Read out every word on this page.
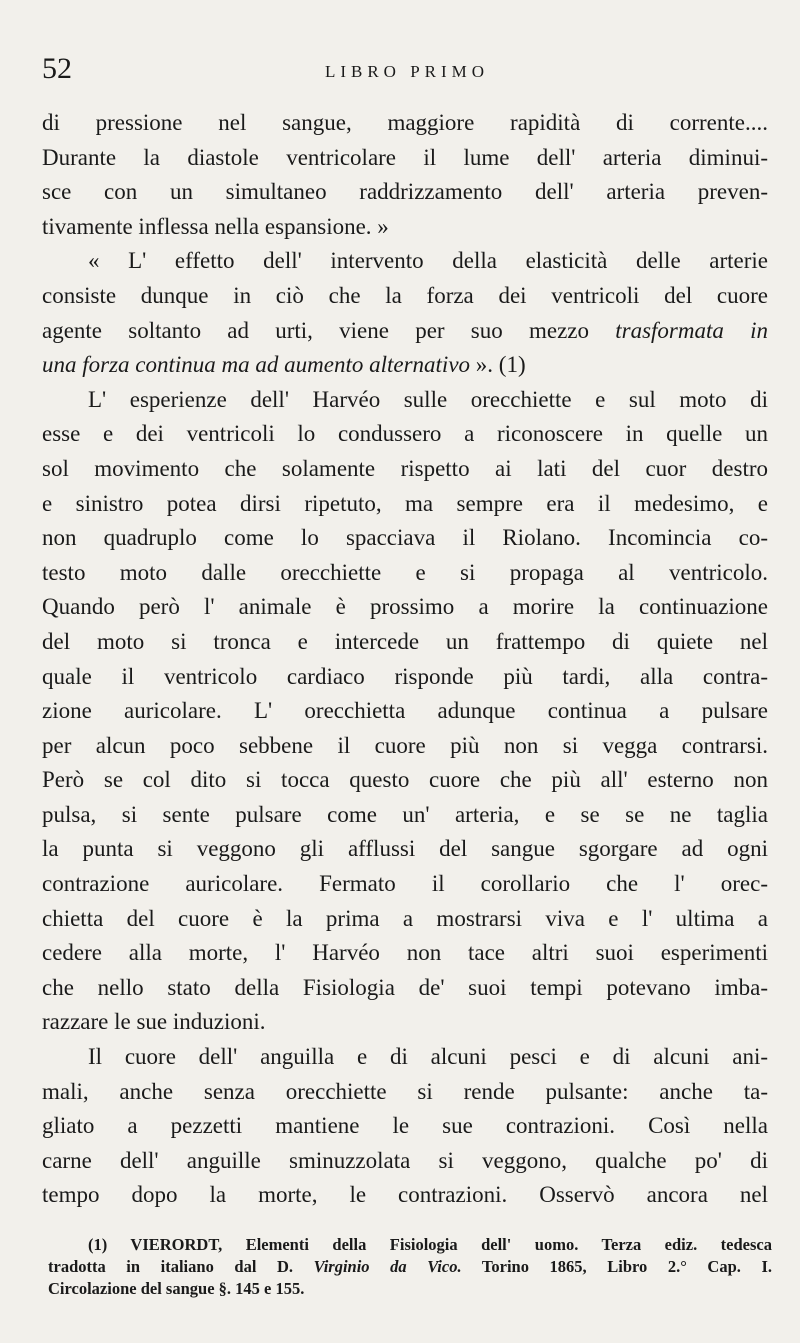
52	LIBRO PRIMO
di pressione nel sangue, maggiore rapidità di corrente....
Durante la diastole ventricolare il lume dell' arteria diminui-
sce con un simultaneo raddrizzamento dell' arteria preven-
tivamente inflessa nella espansione. »
« L' effetto dell' intervento della elasticità delle arterie
consiste dunque in ciò che la forza dei ventricoli del cuore
agente soltanto ad urti, viene per suo mezzo trasformata in
una forza continua ma ad aumento alternativo ». (1)
L' esperienze dell' Harvéo sulle orecchiette e sul moto di
esse e dei ventricoli lo condussero a riconoscere in quelle un
sol movimento che solamente rispetto ai lati del cuor destro
e sinistro potea dirsi ripetuto, ma sempre era il medesimo, e
non quadruplo come lo spacciava il Riolano. Incomincia co-
testo moto dalle orecchiette e si propaga al ventricolo.
Quando però l' animale è prossimo a morire la continuazione
del moto si tronca e intercede un frattempo di quiete nel
quale il ventricolo cardiaco risponde più tardi, alla contra-
zione auricolare. L' orecchietta adunque continua a pulsare
per alcun poco sebbene il cuore più non si vegga contrarsi.
Però se col dito si tocca questo cuore che più all' esterno non
pulsa, si sente pulsare come un' arteria, e se se ne taglia
la punta si veggono gli afflussi del sangue sgorgare ad ogni
contrazione auricolare. Fermato il corollario che l' orec-
chietta del cuore è la prima a mostrarsi viva e l' ultima a
cedere alla morte, l' Harvéo non tace altri suoi esperimenti
che nello stato della Fisiologia de' suoi tempi potevano imba-
razzare le sue induzioni.
Il cuore dell' anguilla e di alcuni pesci e di alcuni ani-
mali, anche senza orecchiette si rende pulsante: anche ta-
gliato a pezzetti mantiene le sue contrazioni. Così nella
carne dell' anguille sminuzzolata si veggono, qualche po' di
tempo dopo la morte, le contrazioni. Osservò ancora nel
(1) VIERORDT, Elementi della Fisiologia dell' uomo. Terza ediz. tedesca
tradotta in italiano dal D. Virginio da Vico. Torino 1865, Libro 2.° Cap. I.
Circolazione del sangue §. 145 e 155.
